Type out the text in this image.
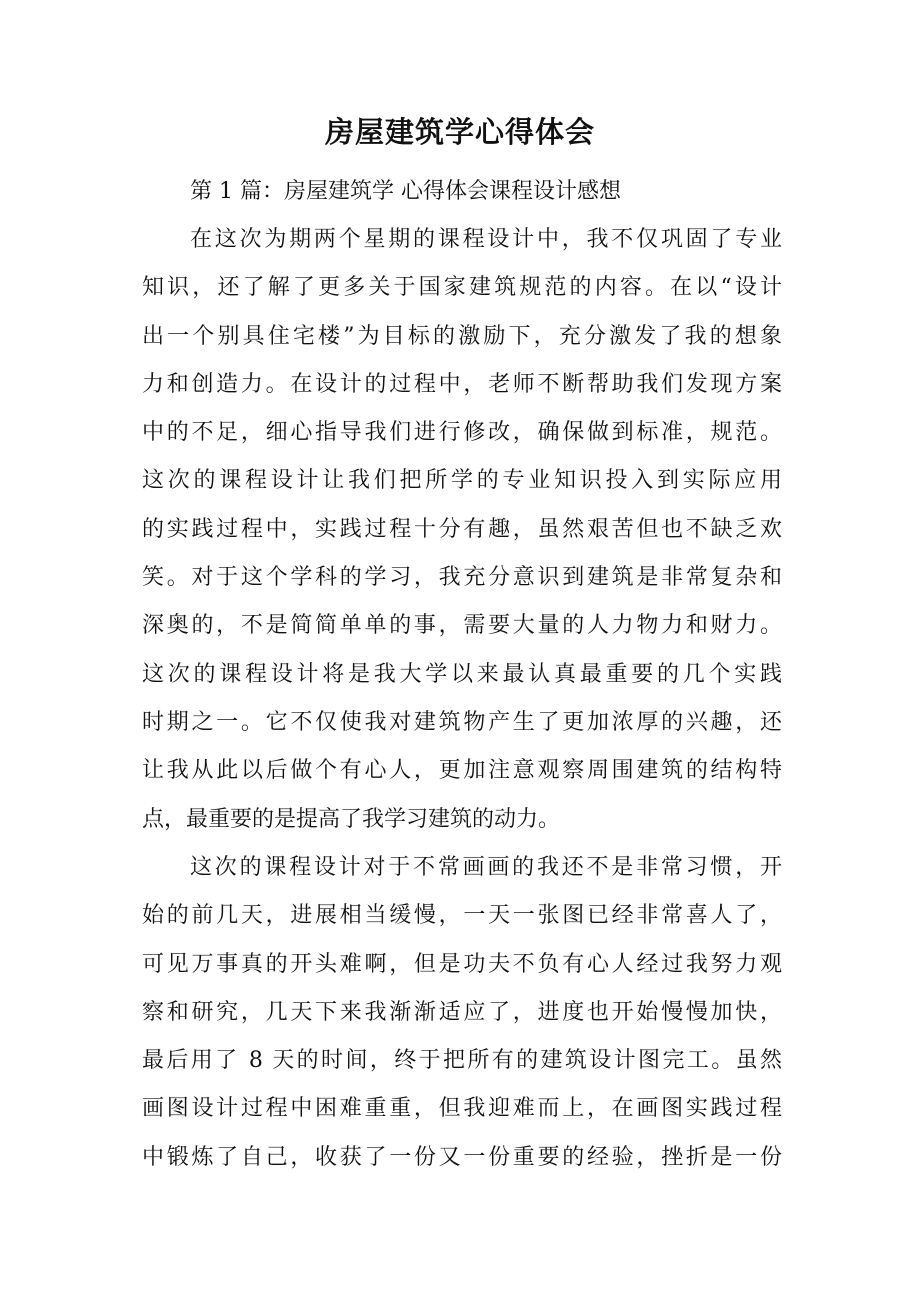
房屋建筑学心得体会

第 1 篇：房屋建筑学 心得体会课程设计感想

在这次为期两个星期的课程设计中，我不仅巩固了专业
知识，还了解了更多关于国家建筑规范的内容。在以“设计
出一个别具住宅楼”为目标的激励下，充分激发了我的想象
力和创造力。在设计的过程中，老师不断帮助我们发现方案
中的不足，细心指导我们进行修改，确保做到标准，规范。
这次的课程设计让我们把所学的专业知识投入到实际应用
的实践过程中，实践过程十分有趣，虽然艰苦但也不缺乏欢
笑。对于这个学科的学习，我充分意识到建筑是非常复杂和
深奥的，不是简简单单的事，需要大量的人力物力和财力。
这次的课程设计将是我大学以来最认真最重要的几个实践
时期之一。它不仅使我对建筑物产生了更加浓厚的兴趣，还
让我从此以后做个有心人，更加注意观察周围建筑的结构特
点，最重要的是提高了我学习建筑的动力。
这次的课程设计对于不常画画的我还不是非常习惯，开
始的前几天，进展相当缓慢，一天一张图已经非常喜人了，
可见万事真的开头难啊，但是功夫不负有心人经过我努力观
察和研究，几天下来我渐渐适应了，进度也开始慢慢加快，
最后用了 8 天的时间，终于把所有的建筑设计图完工。虽然
画图设计过程中困难重重，但我迎难而上，在画图实践过程
中锻炼了自己，收获了一份又一份重要的经验，挫折是一份
